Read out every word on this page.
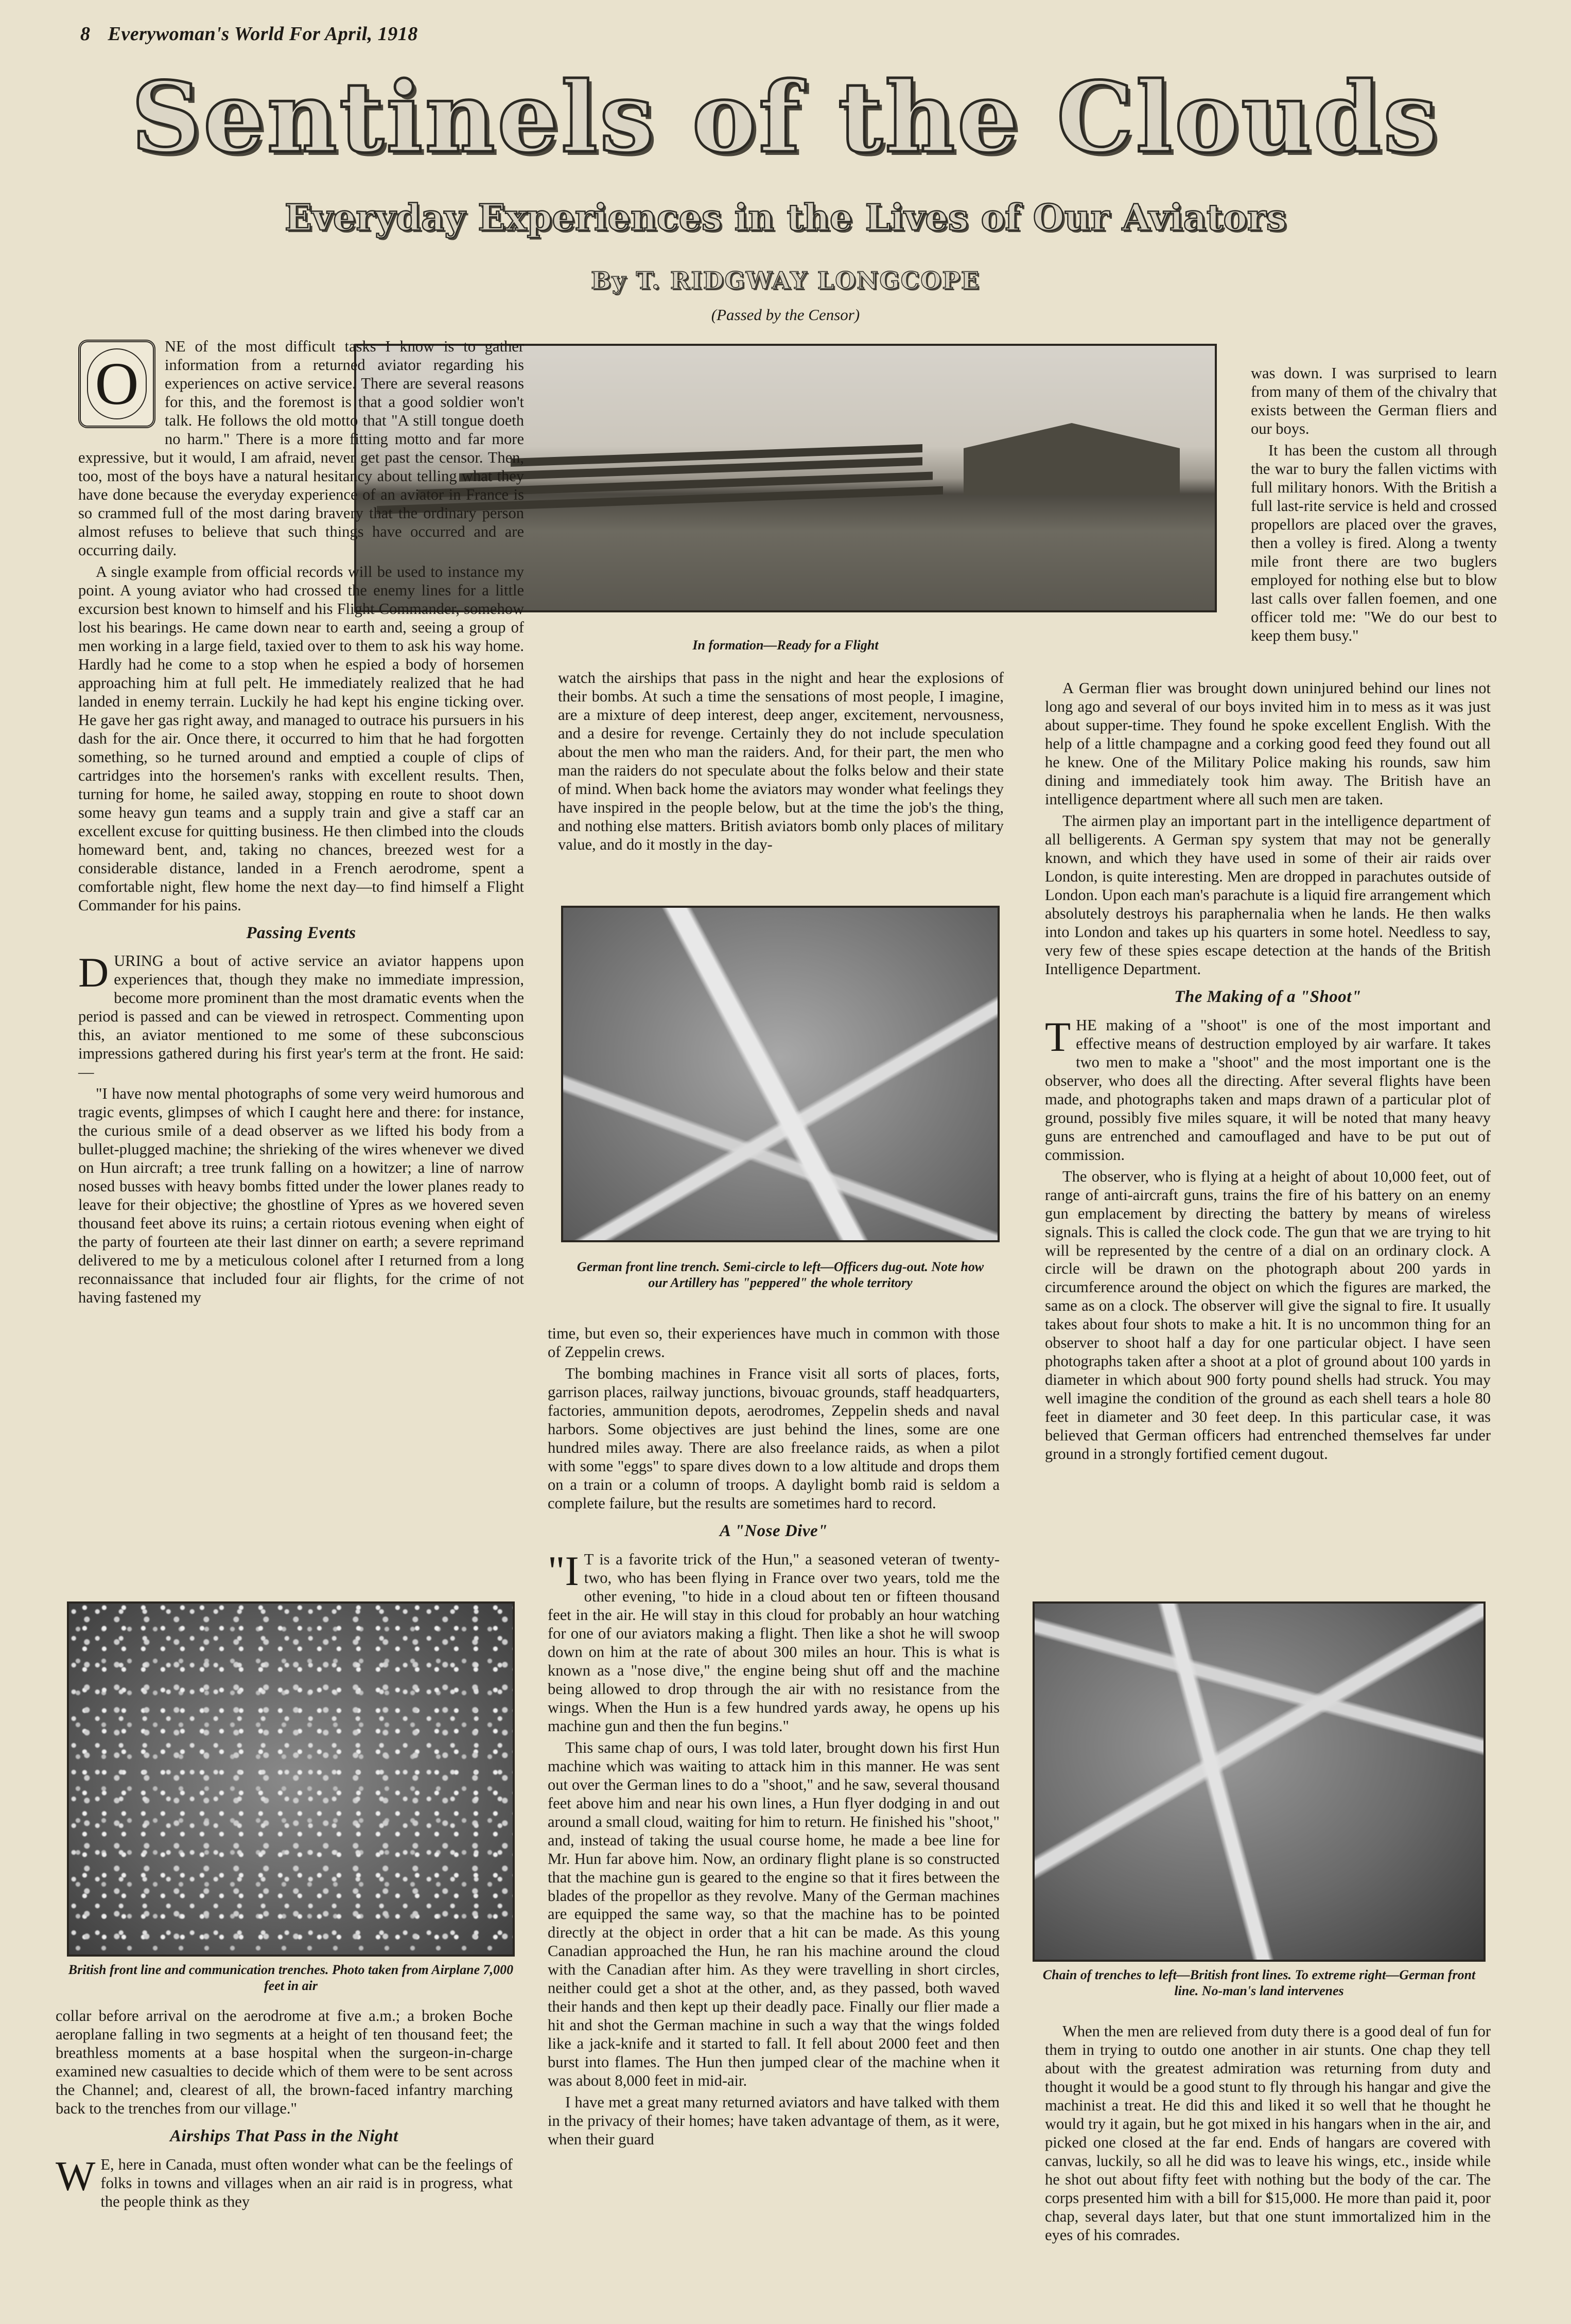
8 Everywoman's World For April, 1918
Sentinels of the Clouds
Everyday Experiences in the Lives of Our Aviators
By T. RIDGWAY LONGCOPE
(Passed by the Censor)
In formation—Ready for a Flight

O
NE of the most difficult tasks I know is to gather information from a returned aviator regarding his experiences on active service. There are several reasons for this, and the foremost is that a good soldier won't talk. He follows the old motto that "A still tongue doeth no harm." There is a more fitting motto and far more expressive, but it would, I am afraid, never get past the censor. Then, too, most of the boys have a natural hesitancy about telling what they have done because the everyday experience of an aviator in France is so crammed full of the most daring bravery that the ordinary person almost refuses to believe that such things have occurred and are occurring daily.

A single example from official records will be used to instance my point. A young aviator who had crossed the enemy lines for a little excursion best known to himself and his Flight Commander, somehow lost his bearings. He came down near to earth and, seeing a group of men working in a large field, taxied over to them to ask his way home. Hardly had he come to a stop when he espied a body of horsemen approaching him at full pelt. He immediately realized that he had landed in enemy terrain. Luckily he had kept his engine ticking over. He gave her gas right away, and managed to outrace his pursuers in his dash for the air. Once there, it occurred to him that he had forgotten something, so he turned around and emptied a couple of clips of cartridges into the horsemen's ranks with excellent results. Then, turning for home, he sailed away, stopping en route to shoot down some heavy gun teams and a supply train and give a staff car an excellent excuse for quitting business. He then climbed into the clouds homeward bent, and, taking no chances, breezed west for a considerable distance, landed in a French aerodrome, spent a comfortable night, flew home the next day—to find himself a Flight Commander for his pains.

Passing Events

D URING a bout of active service an aviator happens upon experiences that, though they make no immediate impression, become more prominent than the most dramatic events when the period is passed and can be viewed in retrospect. Commenting upon this, an aviator mentioned to me some of these subconscious impressions gathered during his first year's term at the front. He said:—

"I have now mental photographs of some very weird humorous and tragic events, glimpses of which I caught here and there: for instance, the curious smile of a dead observer as we lifted his body from a bullet-plugged machine; the shrieking of the wires whenever we dived on Hun aircraft; a tree trunk falling on a howitzer; a line of narrow nosed busses with heavy bombs fitted under the lower planes ready to leave for their objective; the ghostline of Ypres as we hovered seven thousand feet above its ruins; a certain riotous evening when eight of the party of fourteen ate their last dinner on earth; a severe reprimand delivered to me by a meticulous colonel after I returned from a long reconnaissance that included four air flights, for the crime of not having fastened my

British front line and communication trenches. Photo taken from Airplane 7,000 feet in air

collar before arrival on the aerodrome at five a.m.; a broken Boche aeroplane falling in two segments at a height of ten thousand feet; the breathless moments at a base hospital when the surgeon-in-charge examined new casualties to decide which of them were to be sent across the Channel; and, clearest of all, the brown-faced infantry marching back to the trenches from our village."

Airships That Pass in the Night

W E, here in Canada, must often wonder what can be the feelings of folks in towns and villages when an air raid is in progress, what the people think as they

watch the airships that pass in the night and hear the explosions of their bombs. At such a time the sensations of most people, I imagine, are a mixture of deep interest, deep anger, excitement, nervousness, and a desire for revenge. Certainly they do not include speculation about the men who man the raiders. And, for their part, the men who man the raiders do not speculate about the folks below and their state of mind. When back home the aviators may wonder what feelings they have inspired in the people below, but at the time the job's the thing, and nothing else matters. British aviators bomb only places of military value, and do it mostly in the day-

German front line trench. Semi-circle to left—Officers dug-out. Note how our Artillery has "peppered" the whole territory

time, but even so, their experiences have much in common with those of Zeppelin crews.

The bombing machines in France visit all sorts of places, forts, garrison places, railway junctions, bivouac grounds, staff headquarters, factories, ammunition depots, aerodromes, Zeppelin sheds and naval harbors. Some objectives are just behind the lines, some are one hundred miles away. There are also freelance raids, as when a pilot with some "eggs" to spare dives down to a low altitude and drops them on a train or a column of troops. A daylight bomb raid is seldom a complete failure, but the results are sometimes hard to record.

A "Nose Dive"

"I T is a favorite trick of the Hun," a seasoned veteran of twenty-two, who has been flying in France over two years, told me the other evening, "to hide in a cloud about ten or fifteen thousand feet in the air. He will stay in this cloud for probably an hour watching for one of our aviators making a flight. Then like a shot he will swoop down on him at the rate of about 300 miles an hour. This is what is known as a "nose dive," the engine being shut off and the machine being allowed to drop through the air with no resistance from the wings. When the Hun is a few hundred yards away, he opens up his machine gun and then the fun begins."

This same chap of ours, I was told later, brought down his first Hun machine which was waiting to attack him in this manner. He was sent out over the German lines to do a "shoot," and he saw, several thousand feet above him and near his own lines, a Hun flyer dodging in and out around a small cloud, waiting for him to return. He finished his "shoot," and, instead of taking the usual course home, he made a bee line for Mr. Hun far above him. Now, an ordinary flight plane is so constructed that the machine gun is geared to the engine so that it fires between the blades of the propellor as they revolve. Many of the German machines are equipped the same way, so that the machine has to be pointed directly at the object in order that a hit can be made. As this young Canadian approached the Hun, he ran his machine around the cloud with the Canadian after him. As they were travelling in short circles, neither could get a shot at the other, and, as they passed, both waved their hands and then kept up their deadly pace. Finally our flier made a hit and shot the German machine in such a way that the wings folded like a jack-knife and it started to fall. It fell about 2000 feet and then burst into flames. The Hun then jumped clear of the machine when it was about 8,000 feet in mid-air.

I have met a great many returned aviators and have talked with them in the privacy of their homes; have taken advantage of them, as it were, when their guard

was down. I was surprised to learn from many of them of the chivalry that exists between the German fliers and our boys.

It has been the custom all through the war to bury the fallen victims with full military honors. With the British a full last-rite service is held and crossed propellors are placed over the graves, then a volley is fired. Along a twenty mile front there are two buglers employed for nothing else but to blow last calls over fallen foemen, and one officer told me: "We do our best to keep them busy."

A German flier was brought down uninjured behind our lines not long ago and several of our boys invited him in to mess as it was just about supper-time. They found he spoke excellent English. With the help of a little champagne and a corking good feed they found out all he knew. One of the Military Police making his rounds, saw him dining and immediately took him away. The British have an intelligence department where all such men are taken.

The airmen play an important part in the intelligence department of all belligerents. A German spy system that may not be generally known, and which they have used in some of their air raids over London, is quite interesting. Men are dropped in parachutes outside of London. Upon each man's parachute is a liquid fire arrangement which absolutely destroys his paraphernalia when he lands. He then walks into London and takes up his quarters in some hotel. Needless to say, very few of these spies escape detection at the hands of the British Intelligence Department.

The Making of a "Shoot"

T HE making of a "shoot" is one of the most important and effective means of destruction employed by air warfare. It takes two men to make a "shoot" and the most important one is the observer, who does all the directing. After several flights have been made, and photographs taken and maps drawn of a particular plot of ground, possibly five miles square, it will be noted that many heavy guns are entrenched and camouflaged and have to be put out of commission.

The observer, who is flying at a height of about 10,000 feet, out of range of anti-aircraft guns, trains the fire of his battery on an enemy gun emplacement by directing the battery by means of wireless signals. This is called the clock code. The gun that we are trying to hit will be represented by the centre of a dial on an ordinary clock. A circle will be drawn on the photograph about 200 yards in circumference around the object on which the figures are marked, the same as on a clock. The observer will give the signal to fire. It usually takes about four shots to make a hit. It is no uncommon thing for an observer to shoot half a day for one particular object. I have seen photographs taken after a shoot at a plot of ground about 100 yards in diameter in which about 900 forty pound shells had struck. You may well imagine the condition of the ground as each shell tears a hole 80 feet in diameter and 30 feet deep. In this particular case, it was believed that German officers had entrenched themselves far under ground in a strongly fortified cement dugout.

Chain of trenches to left—British front lines. To extreme right—German front line. No-man's land intervenes

When the men are relieved from duty there is a good deal of fun for them in trying to outdo one another in air stunts. One chap they tell about with the greatest admiration was returning from duty and thought it would be a good stunt to fly through his hangar and give the machinist a treat. He did this and liked it so well that he thought he would try it again, but he got mixed in his hangars when in the air, and picked one closed at the far end. Ends of hangars are covered with canvas, luckily, so all he did was to leave his wings, etc., inside while he shot out about fifty feet with nothing but the body of the car. The corps presented him with a bill for $15,000. He more than paid it, poor chap, several days later, but that one stunt immortalized him in the eyes of his comrades.
